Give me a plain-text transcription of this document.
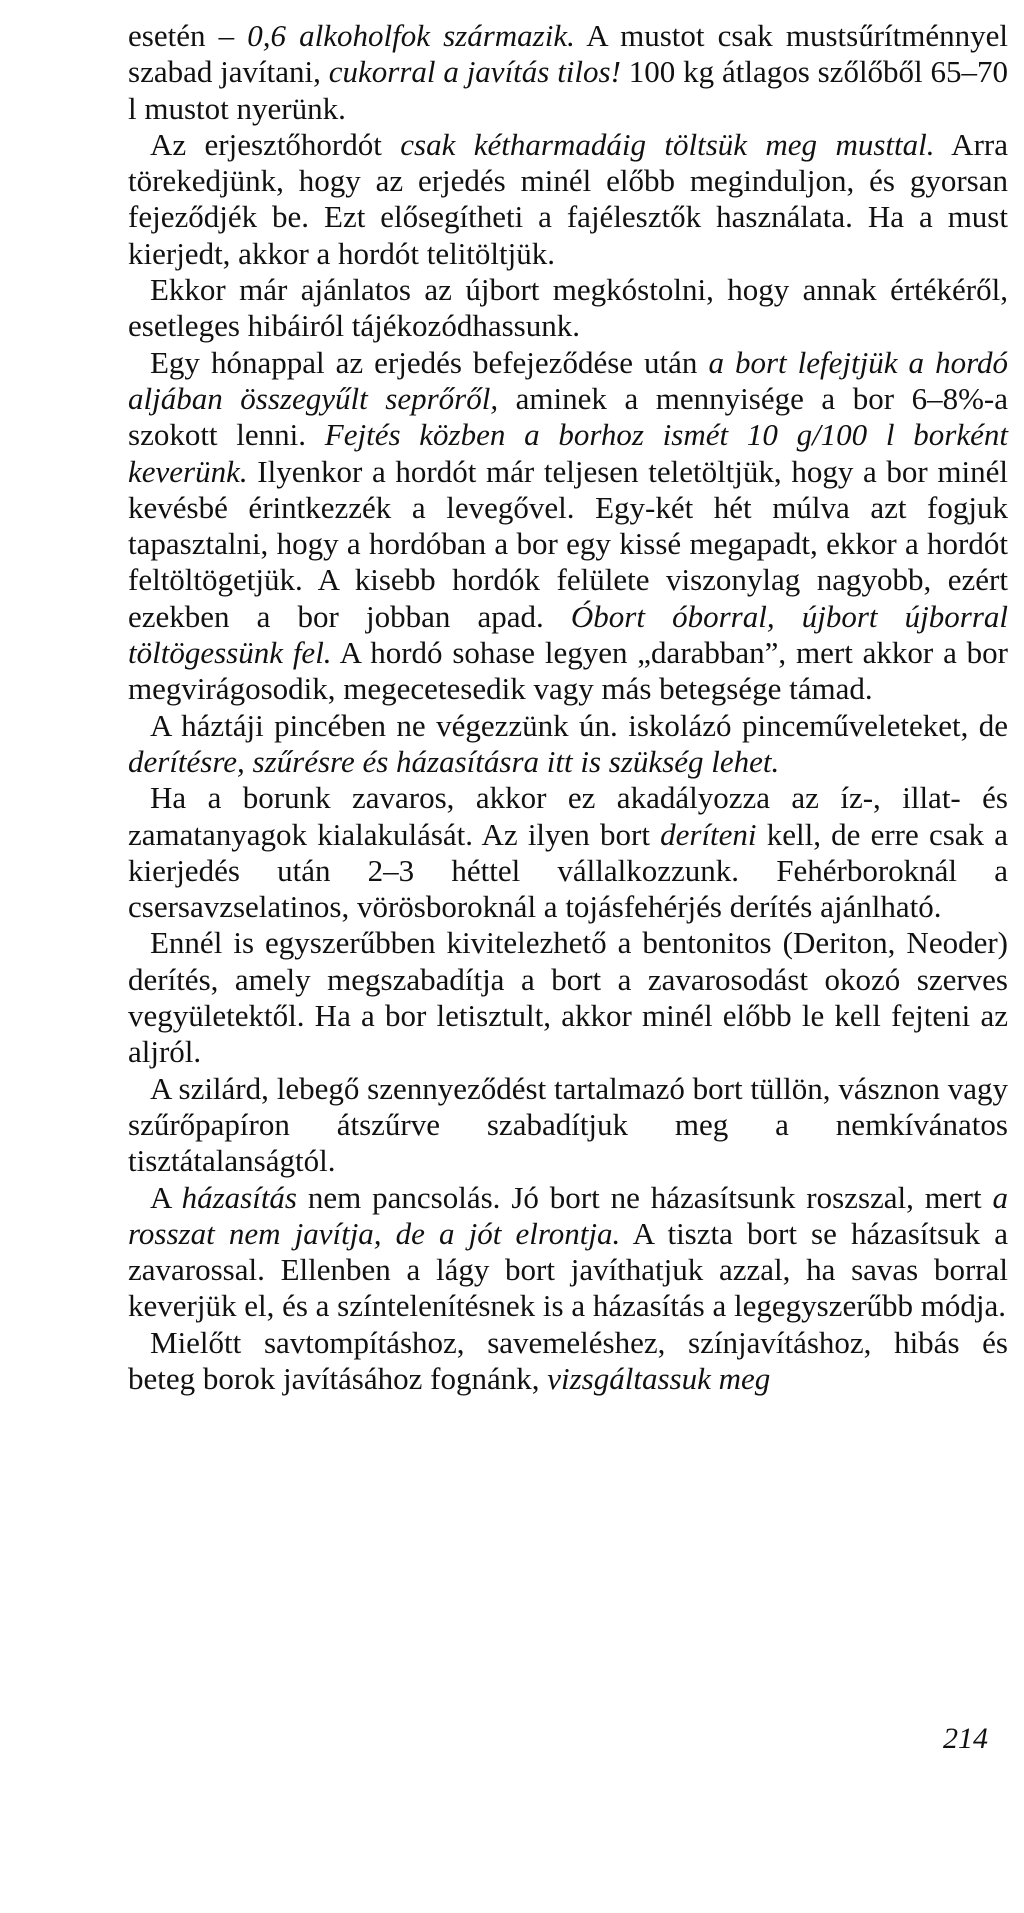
esetén – 0,6 alkoholfok származik. A mustot csak mustsűrítménnyel szabad javítani, cukorral a javítás tilos! 100 kg átlagos szőlőből 65–70 l mustot nyerünk.

Az erjesztőhordót csak kétharmadáig töltsük meg musttal. Arra törekedjünk, hogy az erjedés minél előbb meginduljon, és gyorsan fejeződjék be. Ezt elősegítheti a fajélesztők használata. Ha a must kierjedt, akkor a hordót telitöltjük.

Ekkor már ajánlatos az újbort megkóstolni, hogy annak értékéről, esetleges hibáiról tájékozódhassunk.

Egy hónappal az erjedés befejeződése után a bort lefejtjük a hordó aljában összegyűlt seprőről, aminek a mennyisége a bor 6–8%-a szokott lenni. Fejtés közben a borhoz ismét 10 g/100 l borként keverünk. Ilyenkor a hordót már teljesen teletöltjük, hogy a bor minél kevésbé érintkezzék a levegővel. Egy-két hét múlva azt fogjuk tapasztalni, hogy a hordóban a bor egy kissé megapadt, ekkor a hordót feltöltögetjük. A kisebb hordók felülete viszonylag nagyobb, ezért ezekben a bor jobban apad. Óbort óborral, újbort újborral töltögessünk fel. A hordó sohase legyen „darabban”, mert akkor a bor megvirágosodik, megecetesedik vagy más betegsége támad.

A háztáji pincében ne végezzünk ún. iskolázó pinceműveleteket, de derítésre, szűrésre és házasításra itt is szükség lehet.

Ha a borunk zavaros, akkor ez akadályozza az íz-, illat- és zamatanyagok kialakulását. Az ilyen bort deríteni kell, de erre csak a kierjedés után 2–3 héttel vállalkozzunk. Fehérboroknál a csersavzselatinos, vörösboroknál a tojásfehérjés derítés ajánlható.

Ennél is egyszerűbben kivitelezhető a bentonitos (Deriton, Neoder) derítés, amely megszabadítja a bort a zavarosodást okozó szerves vegyületektől. Ha a bor letisztult, akkor minél előbb le kell fejteni az aljról.

A szilárd, lebegő szennyeződést tartalmazó bort tüllön, vásznon vagy szűrőpapíron átszűrve szabadítjuk meg a nemkívánatos tisztátalanságtól.

A házasítás nem pancsolás. Jó bort ne házasítsunk roszszal, mert a rosszat nem javítja, de a jót elrontja. A tiszta bort se házasítsuk a zavarossal. Ellenben a lágy bort javíthatjuk azzal, ha savas borral keverjük el, és a színtelenítésnek is a házasítás a legegyszerűbb módja.

Mielőtt savtompításhoz, savemeléshez, színjavításhoz, hibás és beteg borok javításához fognánk, vizsgáltassuk meg

214
